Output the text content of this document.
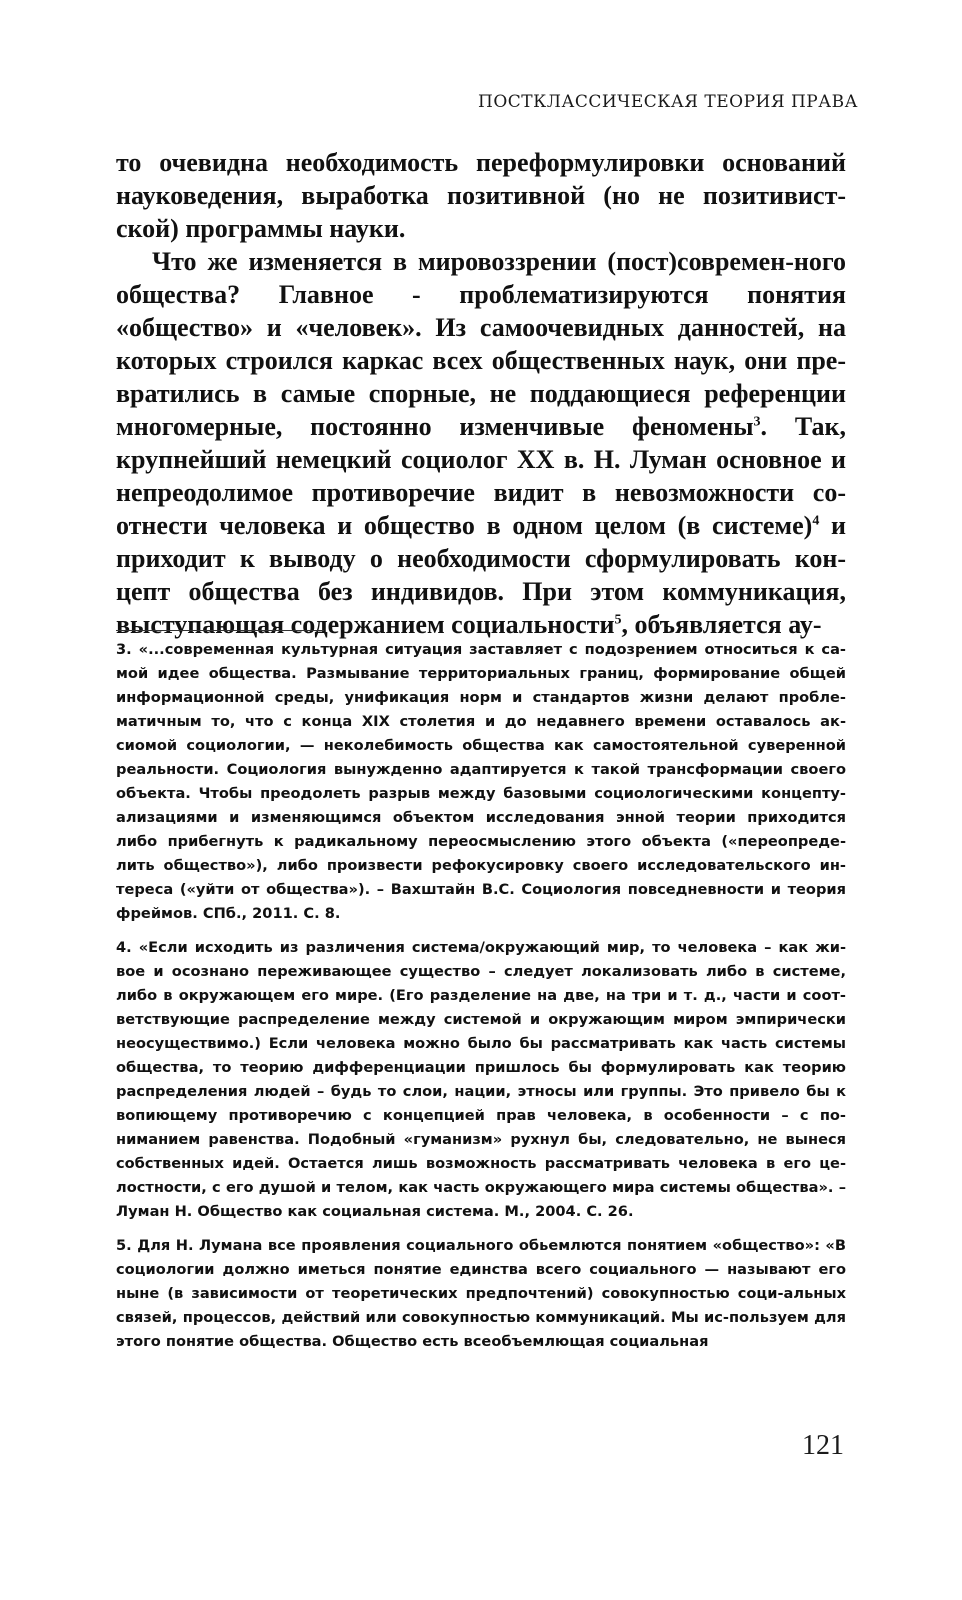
ПОСТКЛАССИЧЕСКАЯ ТЕОРИЯ ПРАВА

то очевидна необходимость переформулировки оснований науковедения, выработка позитивной (но не позитивист-ской) программы науки.

Что же изменяется в мировоззрении (пост)современ-ного общества? Главное - проблематизируются понятия «общество» и «человек». Из самоочевидных данностей, на которых строился каркас всех общественных наук, они пре-вратились в самые спорные, не поддающиеся референции многомерные, постоянно изменчивые феномены$^3$. Так, крупнейший немецкий социолог XX в. Н. Луман основное и непреодолимое противоречие видит в невозможности со-отнести человека и общество в одном целом (в системе)$^4$ и приходит к выводу о необходимости сформулировать кон-цепт общества без индивидов. При этом коммуникация, выступающая содержанием социальности$^5$, объявляется ау-

3. «...современная культурная ситуация заставляет с подозрением относиться к са-мой идее общества. Размывание территориальных границ, формирование общей информационной среды, унификация норм и стандартов жизни делают пробле-матичным то, что с конца XIX столетия и до недавнего времени оставалось ак-сиомой социологии, — неколебимость общества как самостоятельной суверенной реальности. Социология вынужденно адаптируется к такой трансформации своего объекта. Чтобы преодолеть разрыв между базовыми социологическими концепту-ализациями и изменяющимся объектом исследования энной теории приходится либо прибегнуть к радикальному переосмыслению этого объекта («переопреде-лить общество»), либо произвести рефокусировку своего исследовательского ин-тереса («уйти от общества»). – Вахштайн В.С. Социология повседневности и теория фреймов. СПб., 2011. С. 8.

4. «Если исходить из различения система/окружающий мир, то человека – как жи-вое и осознано переживающее существо – следует локализовать либо в системе, либо в окружающем его мире. (Его разделение на две, на три и т. д., части и соот-ветствующие распределение между системой и окружающим миром эмпирически неосуществимо.) Если человека можно было бы рассматривать как часть системы общества, то теорию дифференциации пришлось бы формулировать как теорию распределения людей – будь то слои, нации, этносы или группы. Это привело бы к вопиющему противоречию с концепцией прав человека, в особенности – с по-ниманием равенства. Подобный «гуманизм» рухнул бы, следовательно, не вынеся собственных идей. Остается лишь возможность рассматривать человека в его це-лостности, с его душой и телом, как часть окружающего мира системы общества». – Луман Н. Общество как социальная система. М., 2004. С. 26.

5. Для Н. Лумана все проявления социального обьемлются понятием «общество»: «В социологии должно иметься понятие единства всего социального — называют его ныне (в зависимости от теоретических предпочтений) совокупностью соци-альных связей, процессов, действий или совокупностью коммуникаций. Мы ис-пользуем для этого понятие общества. Общество есть всеобъемлющая социальная

121
